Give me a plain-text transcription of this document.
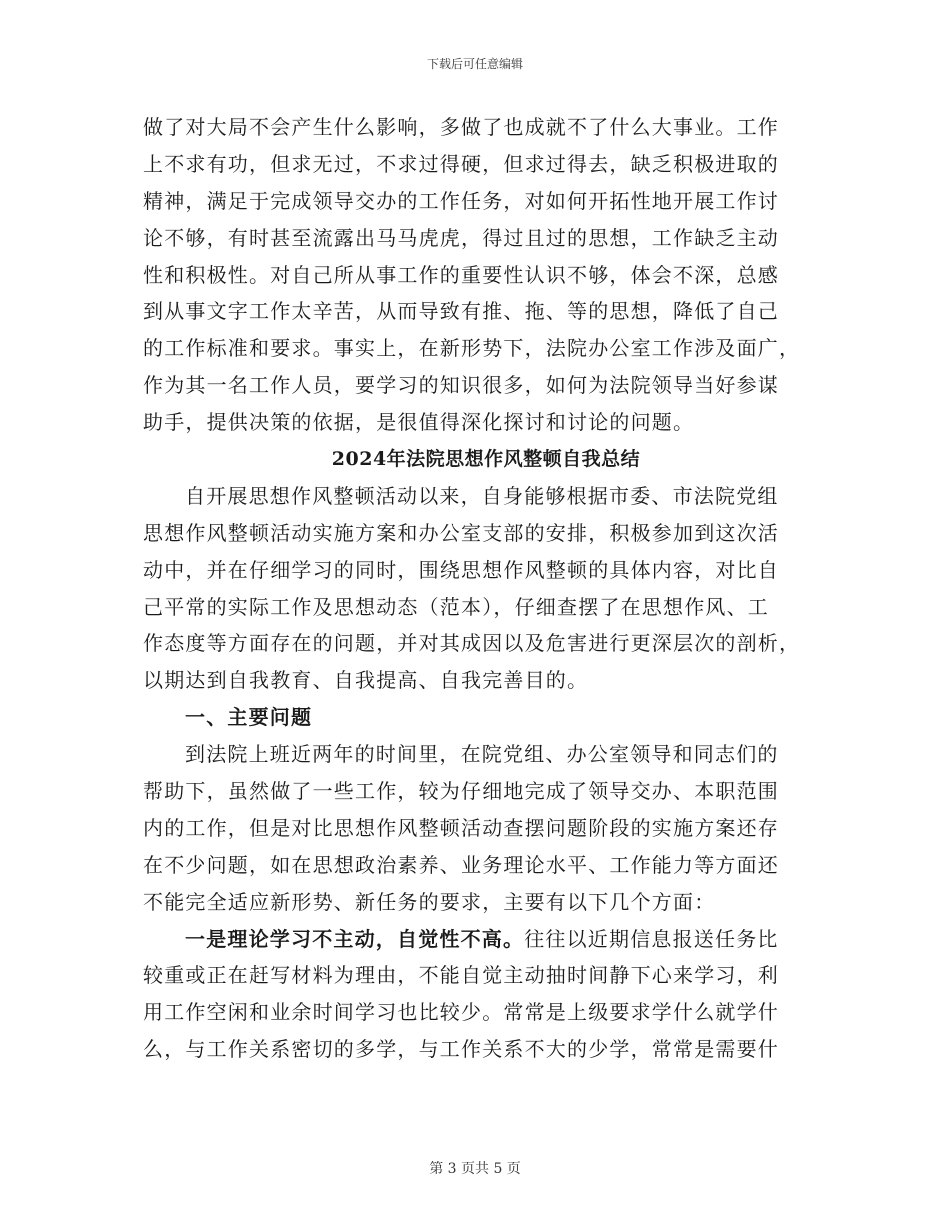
下载后可任意编辑
做了对大局不会产生什么影响，多做了也成就不了什么大事业。工作
上不求有功，但求无过，不求过得硬，但求过得去，缺乏积极进取的
精神，满足于完成领导交办的工作任务，对如何开拓性地开展工作讨
论不够，有时甚至流露出马马虎虎，得过且过的思想，工作缺乏主动
性和积极性。对自己所从事工作的重要性认识不够，体会不深，总感
到从事文字工作太辛苦，从而导致有推、拖、等的思想，降低了自己
的工作标准和要求。事实上，在新形势下，法院办公室工作涉及面广，
作为其一名工作人员，要学习的知识很多，如何为法院领导当好参谋
助手，提供决策的依据，是很值得深化探讨和讨论的问题。
2024年法院思想作风整顿自我总结
自开展思想作风整顿活动以来，自身能够根据市委、市法院党组
思想作风整顿活动实施方案和办公室支部的安排，积极参加到这次活
动中，并在仔细学习的同时，围绕思想作风整顿的具体内容，对比自
己平常的实际工作及思想动态（范本），仔细查摆了在思想作风、工
作态度等方面存在的问题，并对其成因以及危害进行更深层次的剖析，
以期达到自我教育、自我提高、自我完善目的。
一、主要问题
到法院上班近两年的时间里，在院党组、办公室领导和同志们的
帮助下，虽然做了一些工作，较为仔细地完成了领导交办、本职范围
内的工作，但是对比思想作风整顿活动查摆问题阶段的实施方案还存
在不少问题，如在思想政治素养、业务理论水平、工作能力等方面还
不能完全适应新形势、新任务的要求，主要有以下几个方面：
一是理论学习不主动，自觉性不高。往往以近期信息报送任务比
较重或正在赶写材料为理由，不能自觉主动抽时间静下心来学习，利
用工作空闲和业余时间学习也比较少。常常是上级要求学什么就学什
么，与工作关系密切的多学，与工作关系不大的少学，常常是需要什
第 3 页共 5 页
